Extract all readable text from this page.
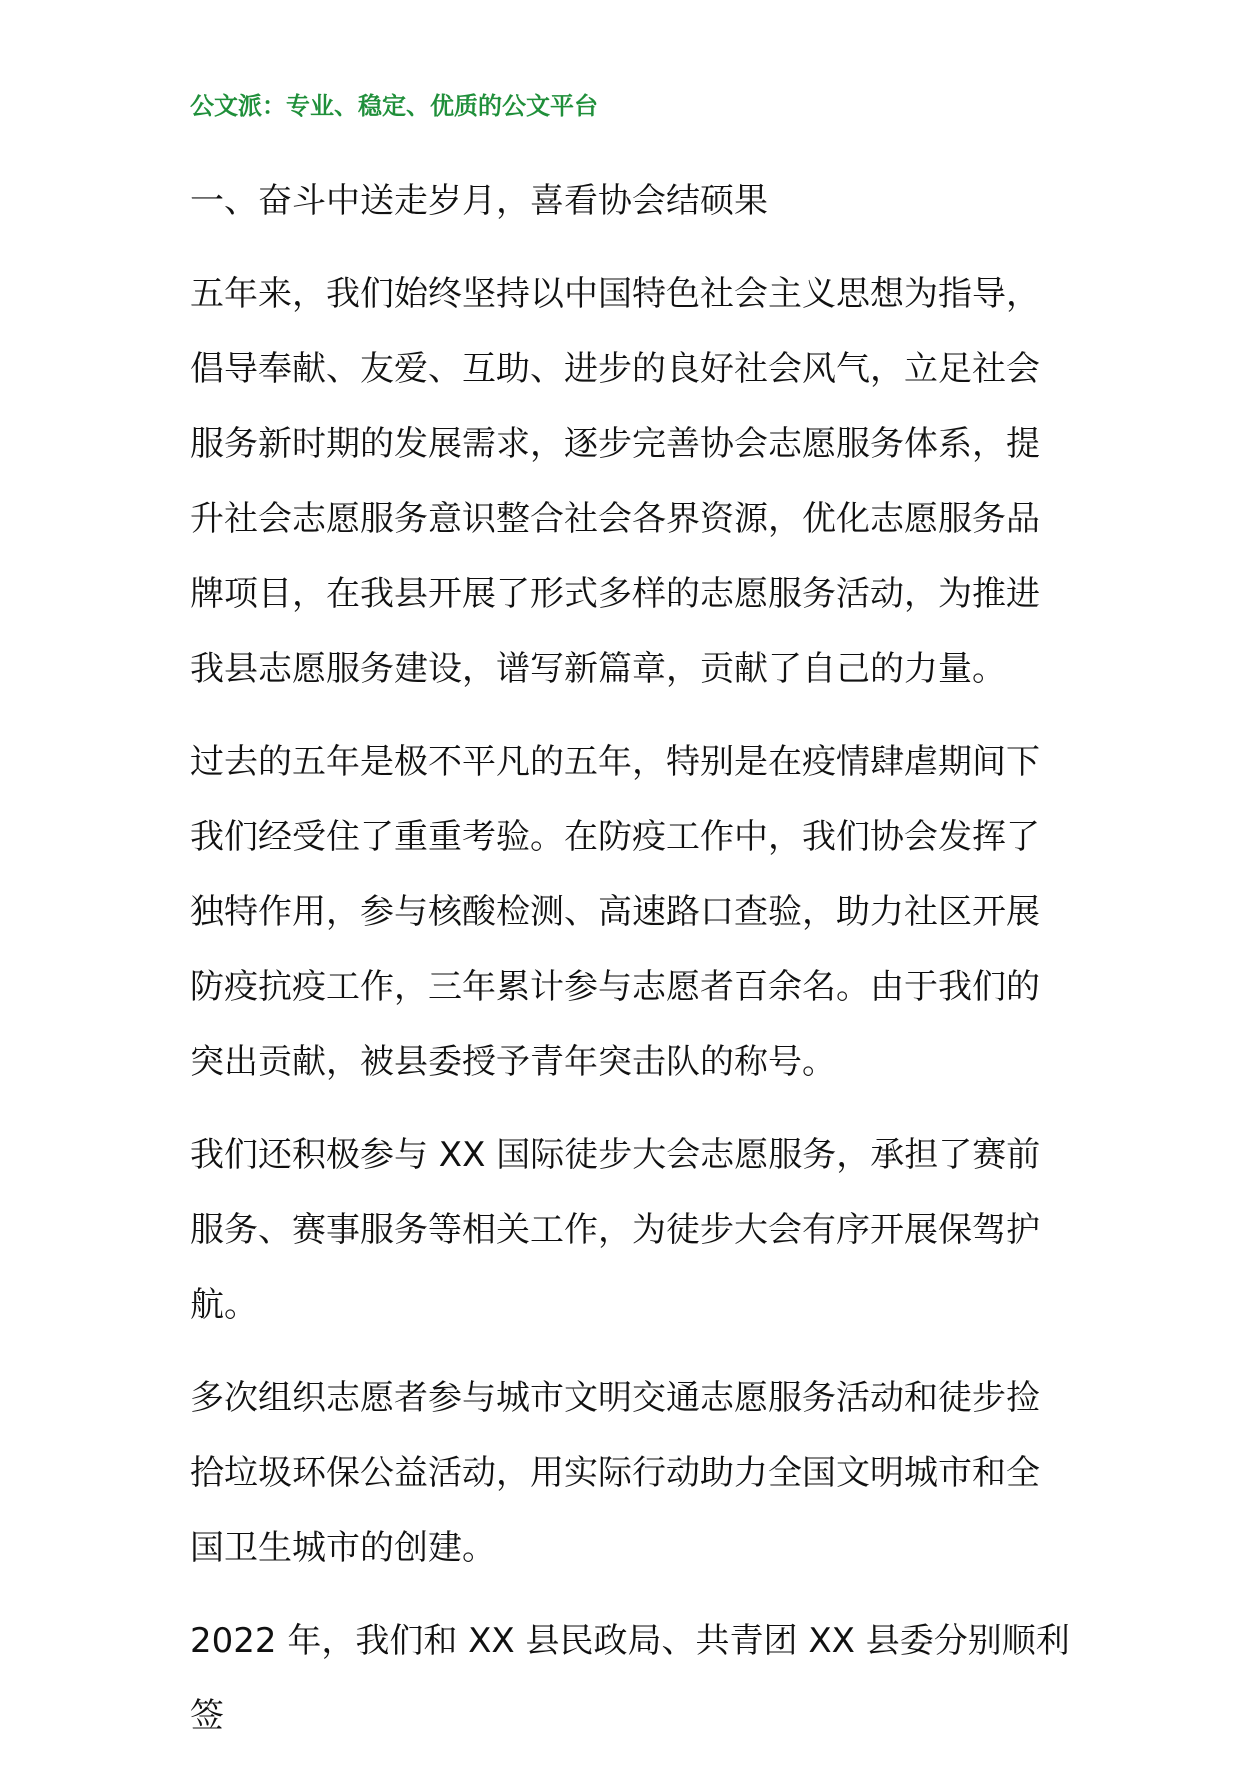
公文派：专业、稳定、优质的公文平台
一、奋斗中送走岁月，喜看协会结硕果
五年来，我们始终坚持以中国特色社会主义思想为指导，倡导奉献、友爱、互助、进步的良好社会风气，立足社会服务新时期的发展需求，逐步完善协会志愿服务体系，提升社会志愿服务意识整合社会各界资源，优化志愿服务品牌项目，在我县开展了形式多样的志愿服务活动，为推进我县志愿服务建设，谱写新篇章，贡献了自己的力量。
过去的五年是极不平凡的五年，特别是在疫情肆虐期间下我们经受住了重重考验。在防疫工作中，我们协会发挥了独特作用，参与核酸检测、高速路口查验，助力社区开展防疫抗疫工作，三年累计参与志愿者百余名。由于我们的突出贡献，被县委授予青年突击队的称号。
我们还积极参与 XX 国际徒步大会志愿服务，承担了赛前服务、赛事服务等相关工作，为徒步大会有序开展保驾护航。
多次组织志愿者参与城市文明交通志愿服务活动和徒步捡拾垃圾环保公益活动，用实际行动助力全国文明城市和全国卫生城市的创建。
2022 年，我们和 XX 县民政局、共青团 XX 县委分别顺利签
